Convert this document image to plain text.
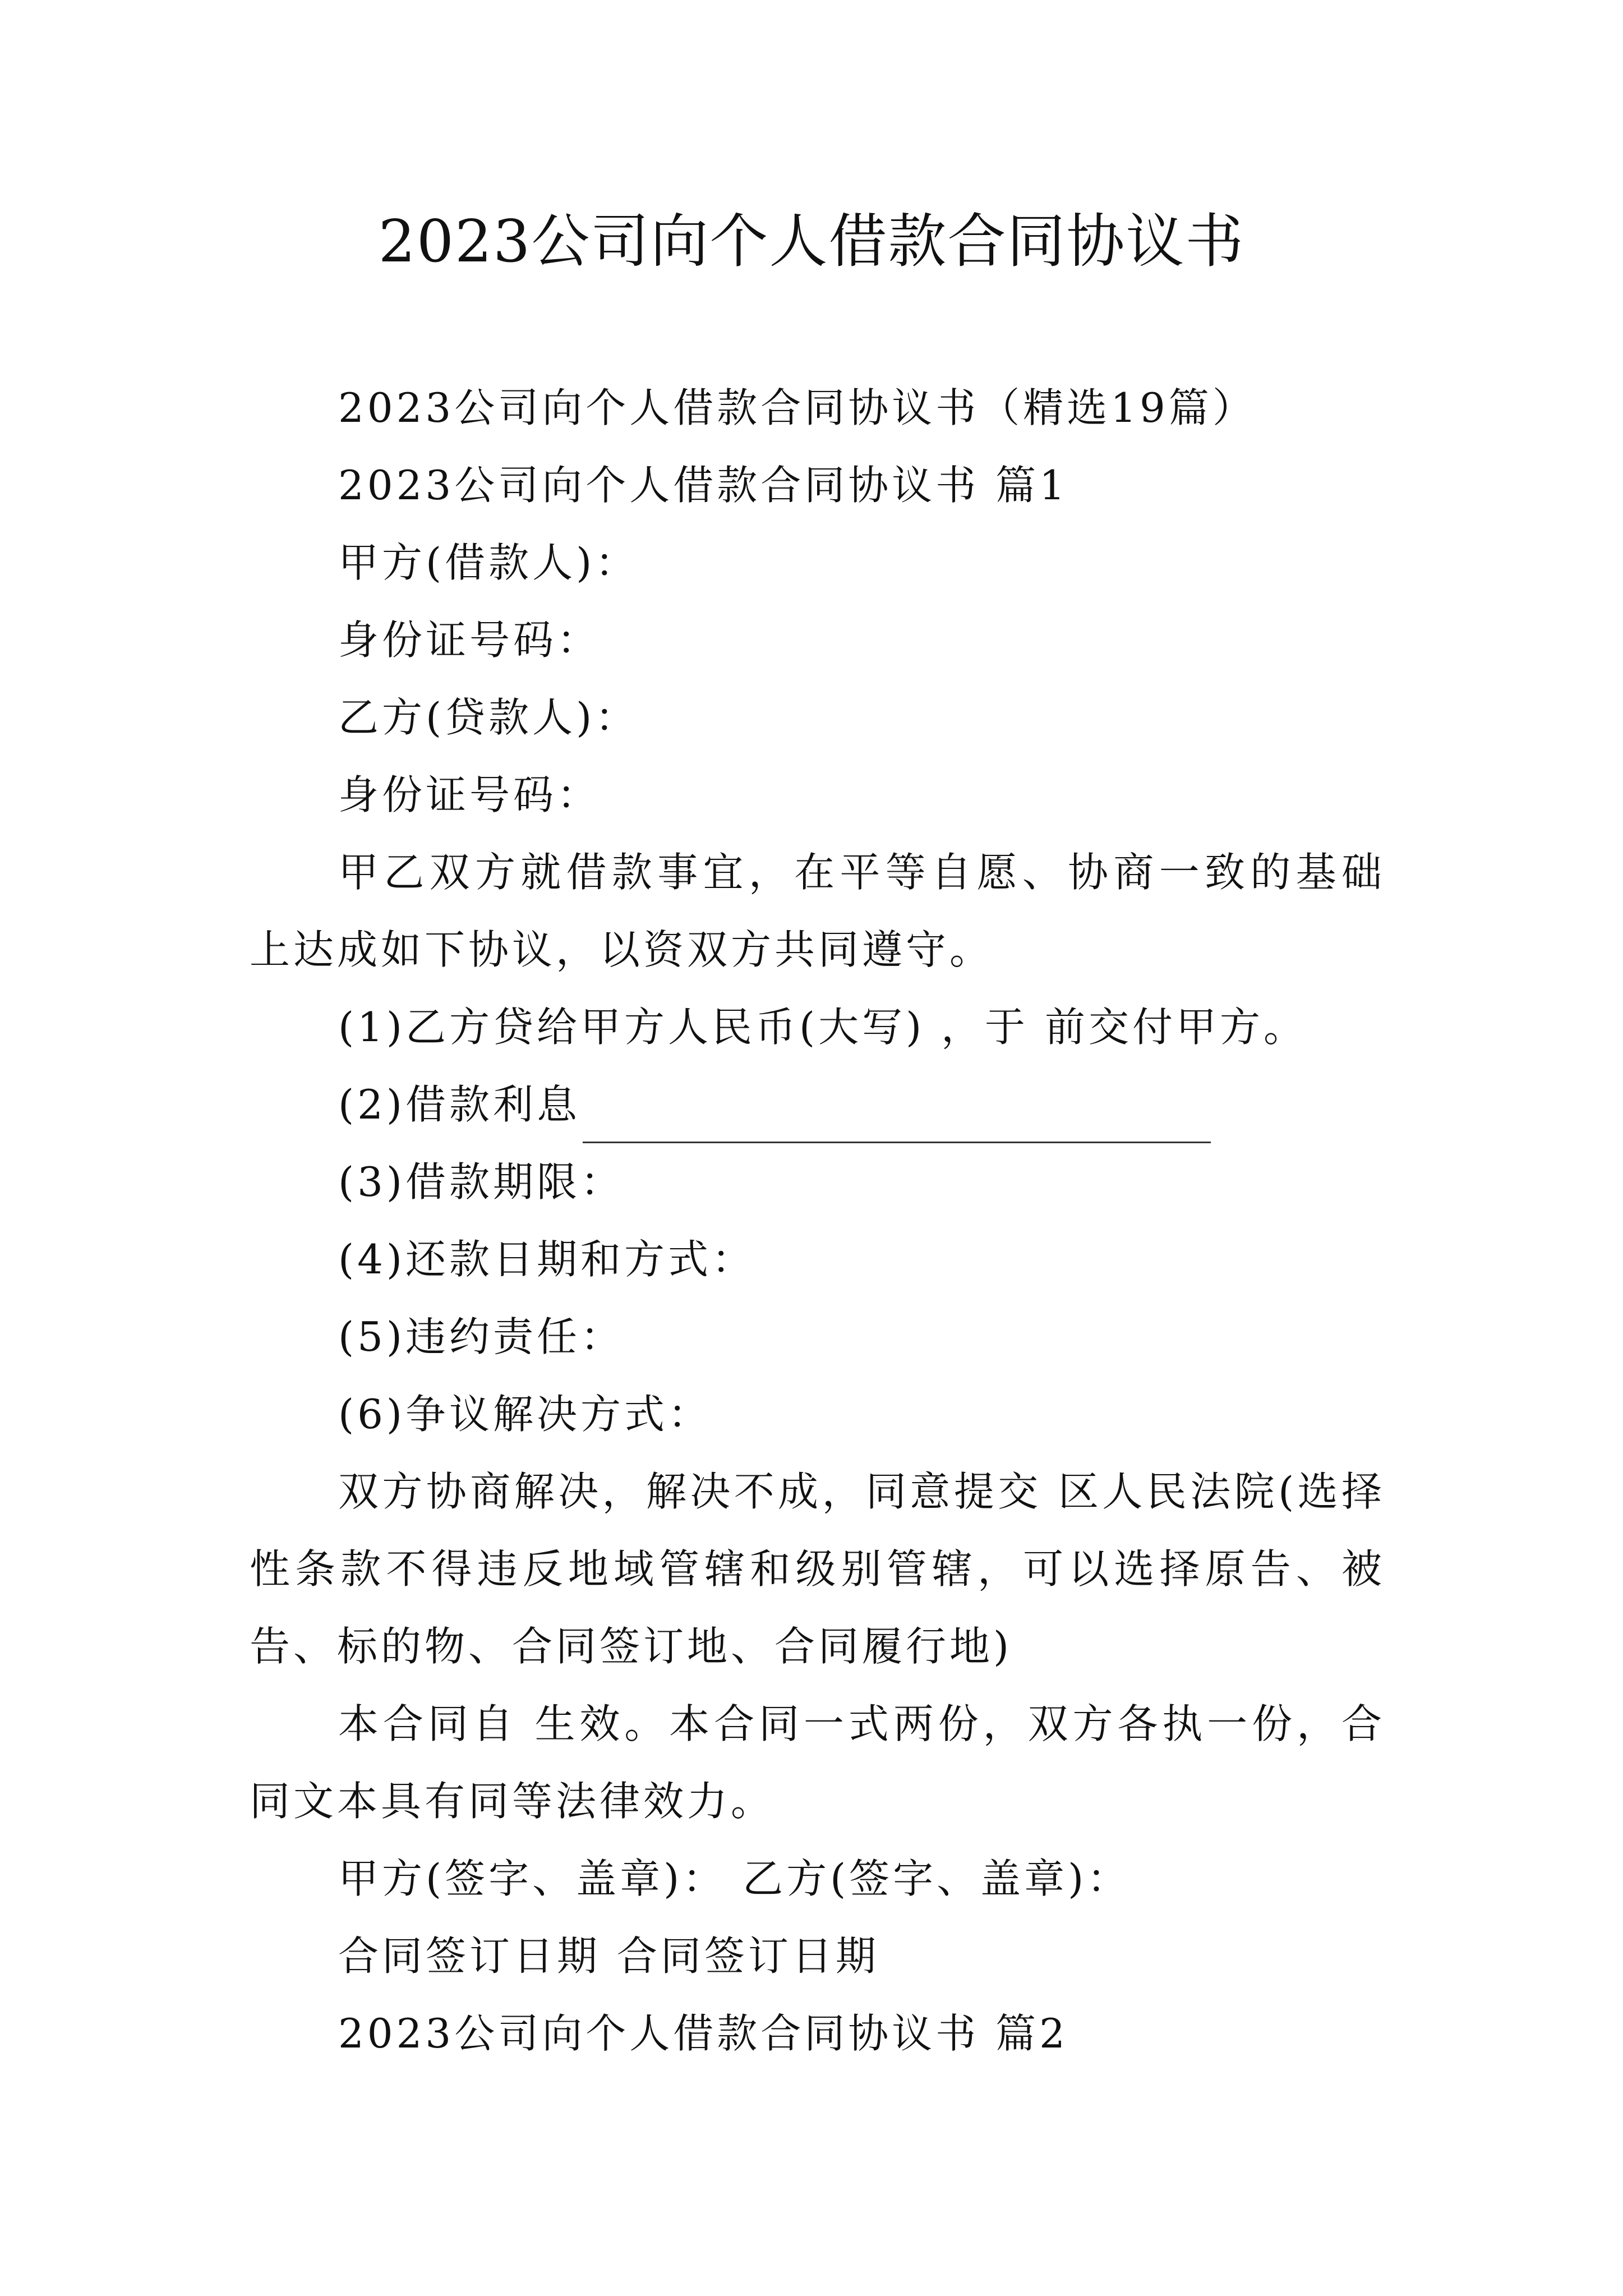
2023公司向个人借款合同协议书

2023公司向个人借款合同协议书（精选19篇）

2023公司向个人借款合同协议书 篇1

甲方(借款人)：

身份证号码：

乙方(贷款人)：

身份证号码：

甲乙双方就借款事宜，在平等自愿、协商一致的基础上达成如下协议，以资双方共同遵守。

(1)乙方贷给甲方人民币(大写) ，于 前交付甲方。

(2)借款利息

(3)借款期限：

(4)还款日期和方式：

(5)违约责任：

(6)争议解决方式：

双方协商解决，解决不成，同意提交 区人民法院(选择性条款不得违反地域管辖和级别管辖，可以选择原告、被告、标的物、合同签订地、合同履行地)

本合同自 生效。本合同一式两份，双方各执一份，合同文本具有同等法律效力。

甲方(签字、盖章)： 乙方(签字、盖章)：

合同签订日期 合同签订日期

2023公司向个人借款合同协议书 篇2
